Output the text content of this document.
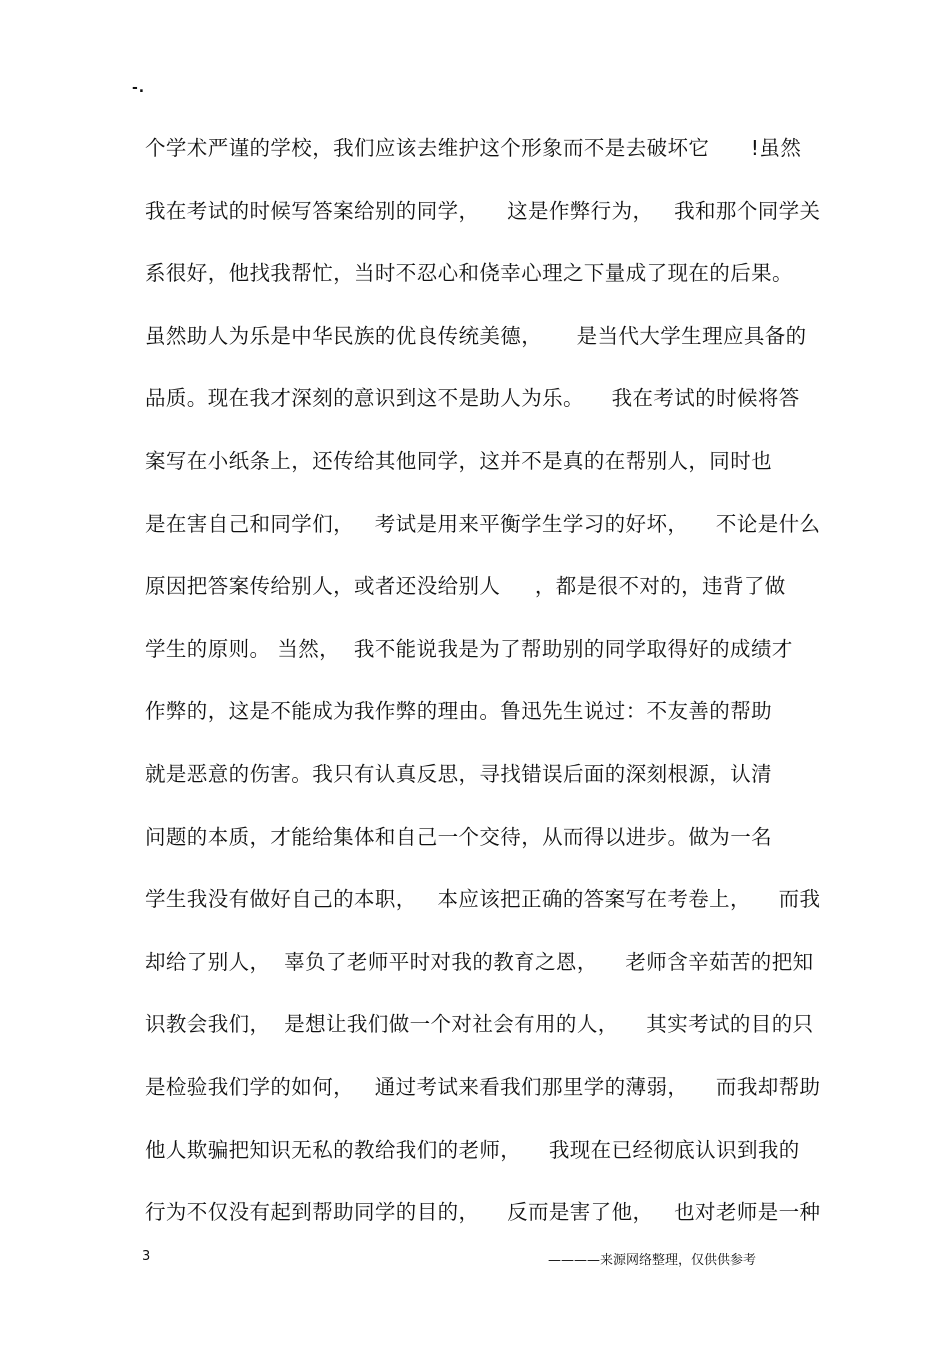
-.
个学术严谨的学校，我们应该去维护这个形象而不是去破坏它      !虽然
我在考试的时候写答案给别的同学，    这是作弊行为，   我和那个同学关
系很好，他找我帮忙，当时不忍心和侥幸心理之下量成了现在的后果。
虽然助人为乐是中华民族的优良传统美德，     是当代大学生理应具备的
品质。现在我才深刻的意识到这不是助人为乐。    我在考试的时候将答
案写在小纸条上，还传给其他同学，这并不是真的在帮别人，同时也
是在害自己和同学们，   考试是用来平衡学生学习的好坏，    不论是什么
原因把答案传给别人，或者还没给别人     ，都是很不对的，违背了做
学生的原则。 当然，  我不能说我是为了帮助别的同学取得好的成绩才
作弊的，这是不能成为我作弊的理由。鲁迅先生说过：不友善的帮助
就是恶意的伤害。我只有认真反思，寻找错误后面的深刻根源，认清
问题的本质，才能给集体和自己一个交待，从而得以进步。做为一名
学生我没有做好自己的本职，   本应该把正确的答案写在考卷上，    而我
却给了别人，  辜负了老师平时对我的教育之恩，    老师含辛茹苦的把知
识教会我们，  是想让我们做一个对社会有用的人，    其实考试的目的只
是检验我们学的如何，   通过考试来看我们那里学的薄弱，    而我却帮助
他人欺骗把知识无私的教给我们的老师，    我现在已经彻底认识到我的
行为不仅没有起到帮助同学的目的，    反而是害了他，   也对老师是一种
3	————来源网络整理，仅供供参考
